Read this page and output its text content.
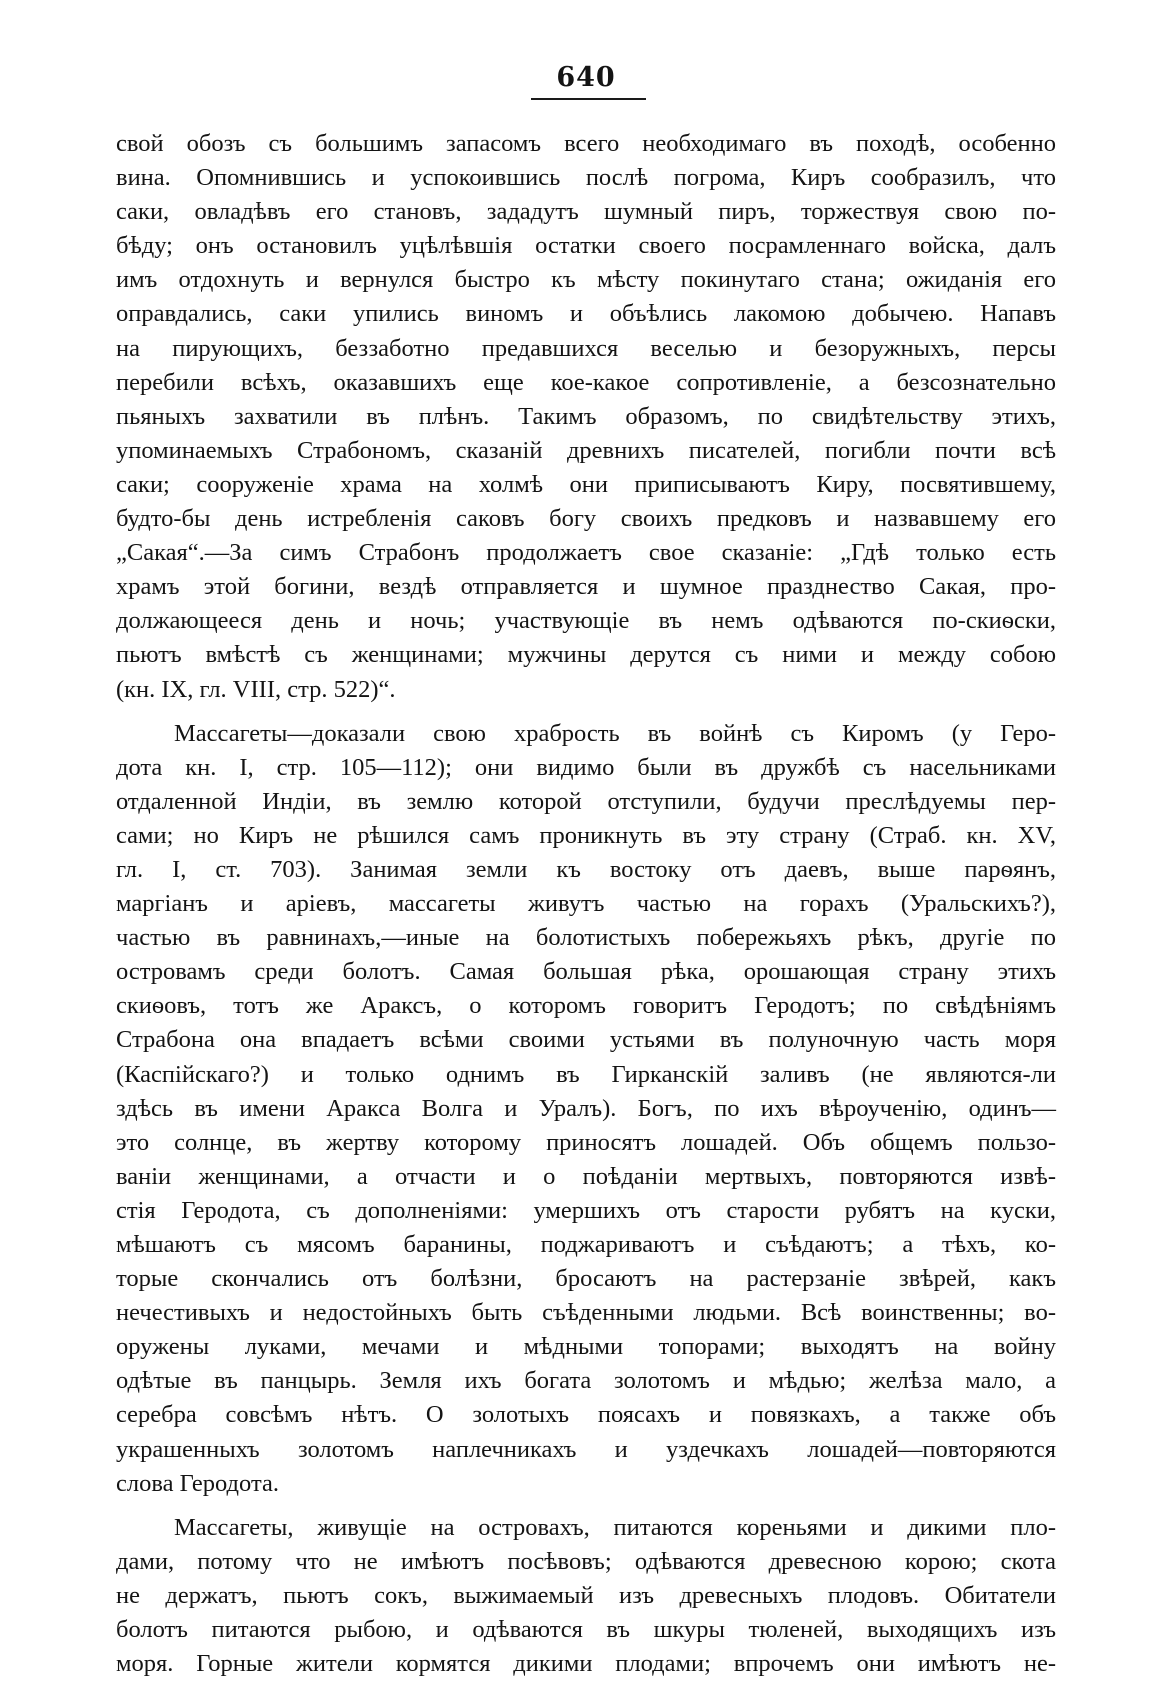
640
свой обозъ съ большимъ запасомъ всего необходимаго въ походѣ, особенно
вина. Опомнившись и успокоившись послѣ погрома, Киръ сообразилъ, что
саки, овладѣвъ его становъ, зададутъ шумный пиръ, торжествуя свою по-
бѣду; онъ остановилъ уцѣлѣвшія остатки своего посрамленнаго войска, далъ
имъ отдохнуть и вернулся быстро къ мѣсту покинутаго стана; ожиданія его
оправдались, саки упились виномъ и объѣлись лакомою добычею. Напавъ
на пирующихъ, беззаботно предавшихся веселью и безоружныхъ, персы
перебили всѣхъ, оказавшихъ еще кое-какое сопротивленіе, а безсознательно
пьяныхъ захватили въ плѣнъ. Такимъ образомъ, по свидѣтельству этихъ,
упоминаемыхъ Страбономъ, сказаній древнихъ писателей, погибли почти всѣ
саки; сооруженіе храма на холмѣ они приписываютъ Киру, посвятившему,
будто-бы день истребленія саковъ богу своихъ предковъ и назвавшему его
„Сакая“.—За симъ Страбонъ продолжаетъ свое сказаніе: „Гдѣ только есть
храмъ этой богини, вездѣ отправляется и шумное празднество Сакая, про-
должающееся день и ночь; участвующіе въ немъ одѣваются по-скиѳски,
пьютъ вмѣстѣ съ женщинами; мужчины дерутся съ ними и между собою
(кн. IX, гл. VIII, стр. 522)“.
Массагеты—доказали свою храбрость въ войнѣ съ Киромъ (у Геро-
дота кн. I, стр. 105—112); они видимо были въ дружбѣ съ насельниками
отдаленной Индіи, въ землю которой отступили, будучи преслѣдуемы пер-
сами; но Киръ не рѣшился самъ проникнуть въ эту страну (Страб. кн. XV,
гл. I, ст. 703). Занимая земли къ востоку отъ даевъ, выше парѳянъ,
маргіанъ и аріевъ, массагеты живутъ частью на горахъ (Уральскихъ?),
частью въ равнинахъ,—иные на болотистыхъ побережьяхъ рѣкъ, другіе по
островамъ среди болотъ. Самая большая рѣка, орошающая страну этихъ
скиѳовъ, тотъ же Араксъ, о которомъ говоритъ Геродотъ; по свѣдѣніямъ
Страбона она впадаетъ всѣми своими устьями въ полуночную часть моря
(Каспійскаго?) и только однимъ въ Гирканскій заливъ (не являются-ли
здѣсь въ имени Аракса Волга и Уралъ). Богъ, по ихъ вѣроученію, одинъ—
это солнце, въ жертву которому приносятъ лошадей. Объ общемъ пользо-
ваніи женщинами, а отчасти и о поѣданіи мертвыхъ, повторяются извѣ-
стія Геродота, съ дополненіями: умершихъ отъ старости рубятъ на куски,
мѣшаютъ съ мясомъ баранины, поджариваютъ и съѣдаютъ; а тѣхъ, ко-
торые скончались отъ болѣзни, бросаютъ на растерзаніе звѣрей, какъ
нечестивыхъ и недостойныхъ быть съѣденными людьми. Всѣ воинственны; во-
оружены луками, мечами и мѣдными топорами; выходятъ на войну
одѣтые въ панцырь. Земля ихъ богата золотомъ и мѣдью; желѣза мало, а
серебра совсѣмъ нѣтъ. О золотыхъ поясахъ и повязкахъ, а также объ
украшенныхъ золотомъ наплечникахъ и уздечкахъ лошадей—повторяются
слова Геродота.
Массагеты, живущіе на островахъ, питаются кореньями и дикими пло-
дами, потому что не имѣютъ посѣвовъ; одѣваются древесною корою; скота
не держатъ, пьютъ сокъ, выжимаемый изъ древесныхъ плодовъ. Обитатели
болотъ питаются рыбою, и одѣваются въ шкуры тюленей, выходящихъ изъ
моря. Горные жители кормятся дикими плодами; впрочемъ они имѣютъ не-
